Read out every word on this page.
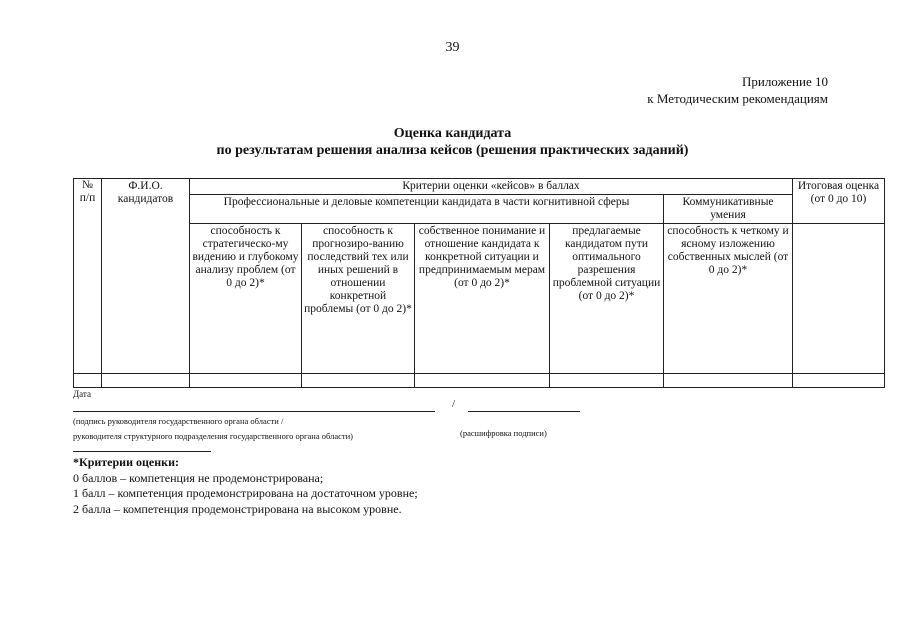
39
Приложение 10
к Методическим рекомендациям
Оценка кандидата
по результатам решения анализа кейсов (решения практических заданий)
№ п/п	Ф.И.О. кандидатов	Критерии оценки «кейсов» в баллах					Итоговая оценка (от 0 до 10)
		Профессиональные и деловые компетенции кандидата в части когнитивной сферы				Коммуникативные умения	
		способность к стратегическо-му видению и глубокому анализу проблем (от 0 до 2)*	способность к прогнозиро-ванию последствий тех или иных решений в отношении конкретной проблемы (от 0 до 2)*	собственное понимание и отношение кандидата к конкретной ситуации и предпринимаемым мерам (от 0 до 2)*	предлагаемые кандидатом пути оптимального разрешения проблемной ситуации (от 0 до 2)*	способность к четкому и ясному изложению собственных мыслей (от 0 до 2)*	

Дата
/
(подпись руководителя государственного органа области /
руководителя структурного подразделения государственного органа области)	(расшифровка подписи)
*Критерии оценки:
0 баллов – компетенция не продемонстрирована;
1 балл – компетенция продемонстрирована на достаточном уровне;
2 балла – компетенция продемонстрирована на высоком уровне.
